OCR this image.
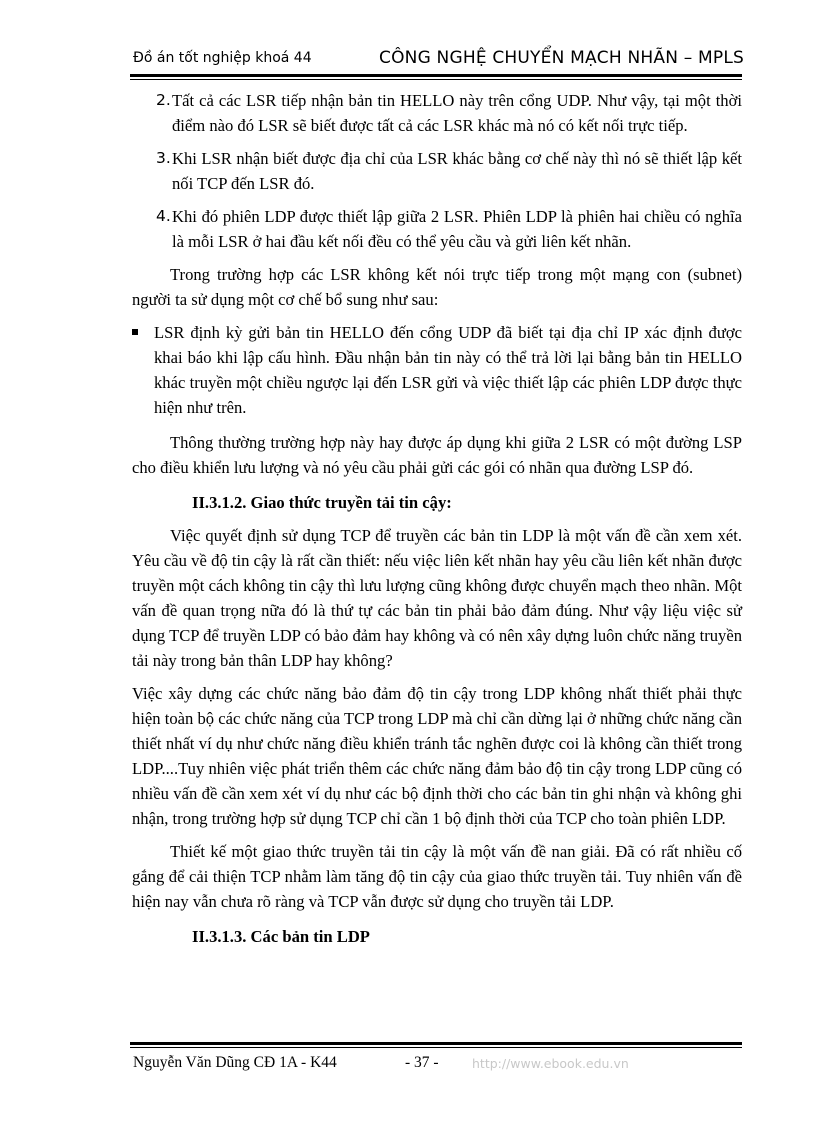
Đồ án tốt nghiệp khoá 44	CÔNG NGHỆ CHUYỂN MẠCH NHÃN – MPLS

2. Tất cả các LSR tiếp nhận bản tin HELLO này trên cổng UDP. Như vậy, tại một thời điểm nào đó LSR sẽ biết được tất cả các LSR khác mà nó có kết nối trực tiếp.

3. Khi LSR nhận biết được địa chỉ của LSR khác bằng cơ chế này thì nó sẽ thiết lập kết nối TCP đến LSR đó.

4. Khi đó phiên LDP được thiết lập giữa 2 LSR. Phiên LDP là phiên hai chiều có nghĩa là mỗi LSR ở hai đầu kết nối đều có thể yêu cầu và gửi liên kết nhãn.

Trong trường hợp các LSR không kết nói trực tiếp trong một mạng con (subnet) người ta sử dụng một cơ chế bổ sung như sau:

LSR định kỳ gửi bản tin HELLO đến cổng UDP đã biết tại địa chỉ IP xác định được khai báo khi lập cấu hình. Đầu nhận bản tin này có thể trả lời lại bằng bản tin HELLO khác truyền một chiều ngược lại đến LSR gửi và việc thiết lập các phiên LDP được thực hiện như trên.

Thông thường trường hợp này hay được áp dụng khi giữa 2 LSR có một đường LSP cho điều khiển lưu lượng và nó yêu cầu phải gửi các gói có nhãn qua đường LSP đó.

II.3.1.2. Giao thức truyền tải tin cậy:

Việc quyết định sử dụng TCP để truyền các bản tin LDP là một vấn đề cần xem xét. Yêu cầu về độ tin cậy là rất cần thiết: nếu việc liên kết nhãn hay yêu cầu liên kết nhãn được truyền một cách không tin cậy thì lưu lượng cũng không được chuyển mạch theo nhãn. Một vấn đề quan trọng nữa đó là thứ tự các bản tin phải bảo đảm đúng. Như vậy liệu việc sử dụng TCP để truyền LDP có bảo đảm hay không và có nên xây dựng luôn chức năng truyền tải này trong bản thân LDP hay không?

Việc xây dựng các chức năng bảo đảm độ tin cậy trong LDP không nhất thiết phải thực hiện toàn bộ các chức năng của TCP trong LDP mà chỉ cần dừng lại ở những chức năng cần thiết nhất ví dụ như chức năng điều khiển tránh tắc nghẽn được coi là không cần thiết trong LDP....Tuy nhiên việc phát triển thêm các chức năng đảm bảo độ tin cậy trong LDP cũng có nhiều vấn đề cần xem xét ví dụ như các bộ định thời cho các bản tin ghi nhận và không ghi nhận, trong trường hợp sử dụng TCP chỉ cần 1 bộ định thời của TCP cho toàn phiên LDP.

Thiết kế một giao thức truyền tải tin cậy là một vấn đề nan giải. Đã có rất nhiều cố gắng để cải thiện TCP nhằm làm tăng độ tin cậy của giao thức truyền tải. Tuy nhiên vấn đề hiện nay vẫn chưa rõ ràng và TCP vẫn được sử dụng cho truyền tải LDP.

II.3.1.3. Các bản tin LDP

Nguyễn Văn Dũng CĐ 1A - K44	- 37 -	http://www.ebook.edu.vn
